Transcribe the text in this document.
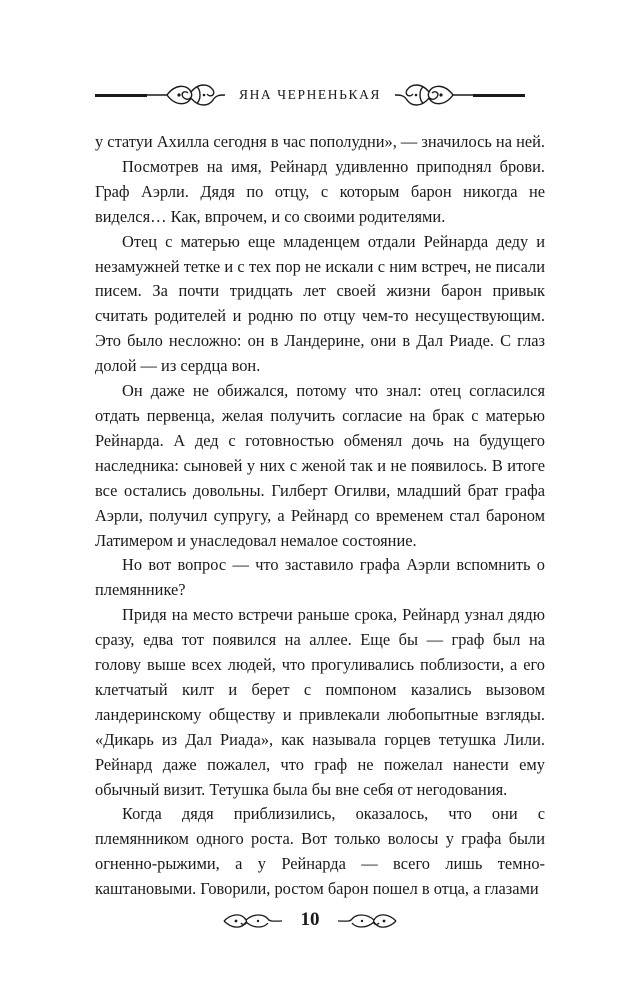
ЯНА ЧЕРНЕНЬКАЯ

у статуи Ахилла сегодня в час пополудни», — значилось на ней.

Посмотрев на имя, Рейнард удивленно приподнял брови. Граф Аэрли. Дядя по отцу, с которым барон никогда не виделся… Как, впрочем, и со своими родителями.

Отец с матерью еще младенцем отдали Рейнарда деду и незамужней тетке и с тех пор не искали с ним встреч, не писали писем. За почти тридцать лет своей жизни барон привык считать родителей и родню по отцу чем-то несуществующим. Это было несложно: он в Ландерине, они в Дал Риаде. С глаз долой — из сердца вон.

Он даже не обижался, потому что знал: отец согласился отдать первенца, желая получить согласие на брак с матерью Рейнарда. А дед с готовностью обменял дочь на будущего наследника: сыновей у них с женой так и не появилось. В итоге все остались довольны. Гилберт Огилви, младший брат графа Аэрли, получил супругу, а Рейнард со временем стал бароном Латимером и унаследовал немалое состояние.

Но вот вопрос — что заставило графа Аэрли вспомнить о племяннике?

Придя на место встречи раньше срока, Рейнард узнал дядю сразу, едва тот появился на аллее. Еще бы — граф был на голову выше всех людей, что прогуливались поблизости, а его клетчатый килт и берет с помпоном казались вызовом ландеринскому обществу и привлекали любопытные взгляды. «Дикарь из Дал Риада», как называла горцев тетушка Лили. Рейнард даже пожалел, что граф не пожелал нанести ему обычный визит. Тетушка была бы вне себя от негодования.

Когда дядя приблизились, оказалось, что они с племянником одного роста. Вот только волосы у графа были огненно-рыжими, а у Рейнарда — всего лишь темно-каштановыми. Говорили, ростом барон пошел в отца, а глазами

10
